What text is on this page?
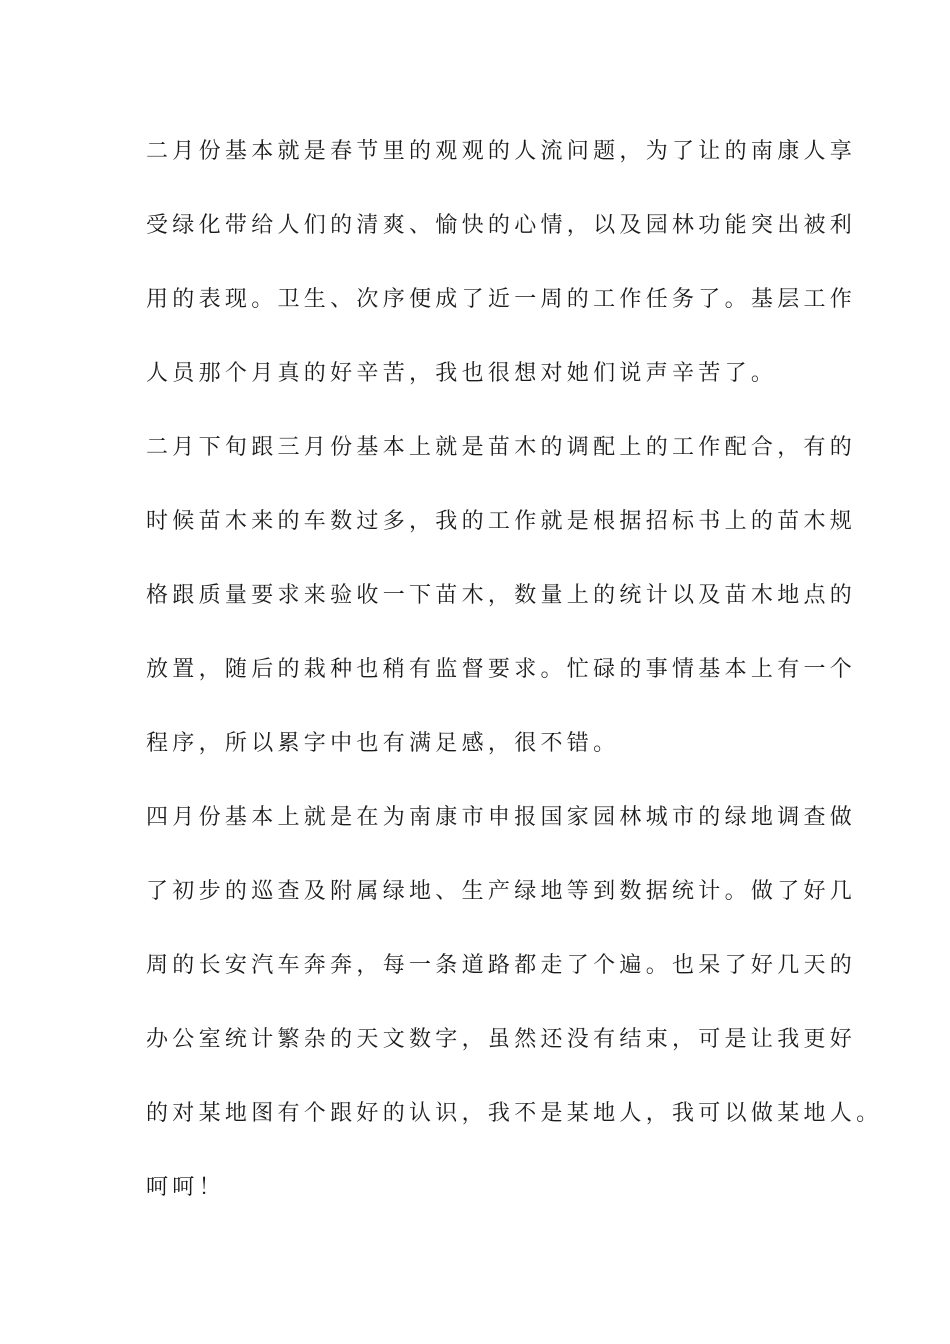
二月份基本就是春节里的观观的人流问题，为了让的南康人享
受绿化带给人们的清爽、愉快的心情，以及园林功能突出被利
用的表现。卫生、次序便成了近一周的工作任务了。基层工作
人员那个月真的好辛苦，我也很想对她们说声辛苦了。
二月下旬跟三月份基本上就是苗木的调配上的工作配合，有的
时候苗木来的车数过多，我的工作就是根据招标书上的苗木规
格跟质量要求来验收一下苗木，数量上的统计以及苗木地点的
放置，随后的栽种也稍有监督要求。忙碌的事情基本上有一个
程序，所以累字中也有满足感，很不错。
四月份基本上就是在为南康市申报国家园林城市的绿地调查做
了初步的巡查及附属绿地、生产绿地等到数据统计。做了好几
周的长安汽车奔奔，每一条道路都走了个遍。也呆了好几天的
办公室统计繁杂的天文数字，虽然还没有结束，可是让我更好
的对某地图有个跟好的认识，我不是某地人，我可以做某地人。
呵呵！
